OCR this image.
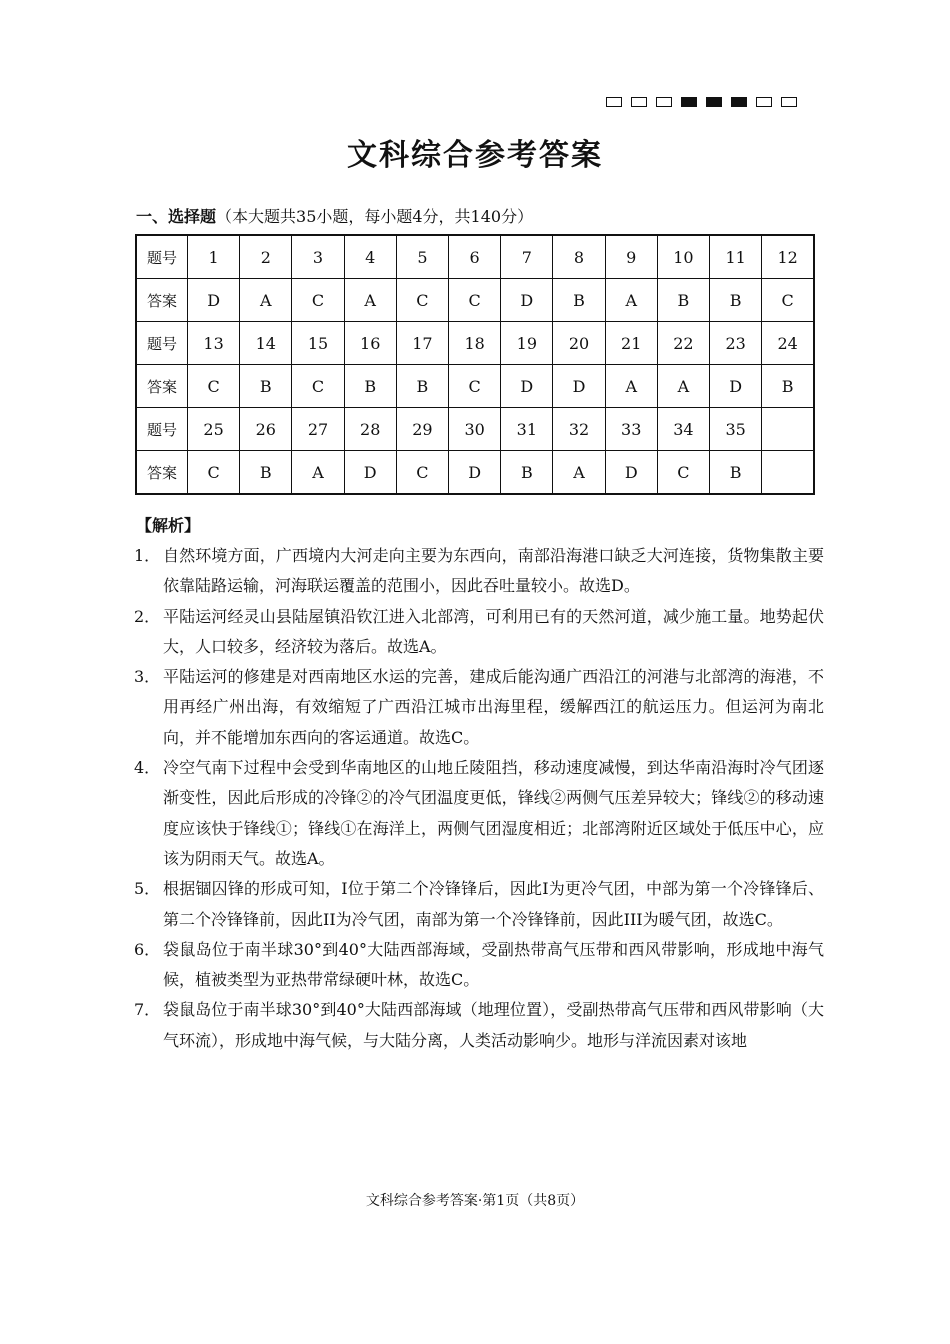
文科综合参考答案
一、选择题（本大题共35小题，每小题4分，共140分）
题号	1	2	3	4	5	6	7	8	9	10	11	12
答案	D	A	C	A	C	C	D	B	A	B	B	C
题号	13	14	15	16	17	18	19	20	21	22	23	24
答案	C	B	C	B	B	C	D	D	A	A	D	B
题号	25	26	27	28	29	30	31	32	33	34	35	
答案	C	B	A	D	C	D	B	A	D	C	B	
【解析】

1． 自然环境方面，广西境内大河走向主要为东西向，南部沿海港口缺乏大河连接，货物集散主要依靠陆路运输，河海联运覆盖的范围小，因此吞吐量较小。故选D。

2． 平陆运河经灵山县陆屋镇沿钦江进入北部湾，可利用已有的天然河道，减少施工量。地势起伏大，人口较多，经济较为落后。故选A。

3． 平陆运河的修建是对西南地区水运的完善，建成后能沟通广西沿江的河港与北部湾的海港，不用再经广州出海，有效缩短了广西沿江城市出海里程，缓解西江的航运压力。但运河为南北向，并不能增加东西向的客运通道。故选C。

4． 冷空气南下过程中会受到华南地区的山地丘陵阻挡，移动速度减慢，到达华南沿海时冷气团逐渐变性，因此后形成的冷锋②的冷气团温度更低，锋线②两侧气压差异较大；锋线②的移动速度应该快于锋线①；锋线①在海洋上，两侧气团湿度相近；北部湾附近区域处于低压中心，应该为阴雨天气。故选A。

5． 根据锢囚锋的形成可知，I位于第二个冷锋锋后，因此I为更冷气团，中部为第一个冷锋锋后、第二个冷锋锋前，因此II为冷气团，南部为第一个冷锋锋前，因此III为暖气团，故选C。

6． 袋鼠岛位于南半球30°到40°大陆西部海域，受副热带高气压带和西风带影响，形成地中海气候，植被类型为亚热带常绿硬叶林，故选C。

7． 袋鼠岛位于南半球30°到40°大陆西部海域（地理位置），受副热带高气压带和西风带影响（大气环流），形成地中海气候，与大陆分离，人类活动影响少。地形与洋流因素对该地

文科综合参考答案·第1页（共8页）
